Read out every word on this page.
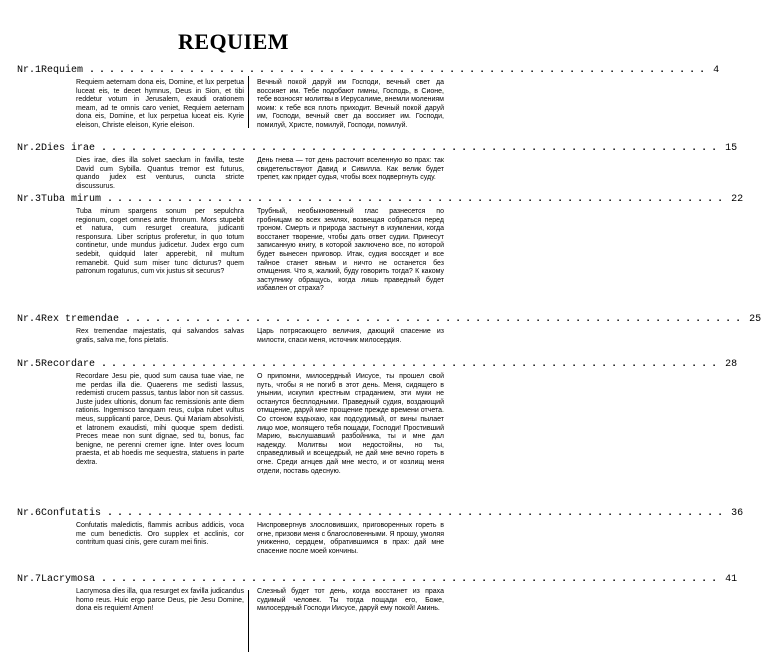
REQUIEM
Nr.1 Requiem .............................................................. 4

Requiem aeternam dona eis, Domine, et lux perpetua luceat eis, te decet hymnus, Deus in Sion, et tibi reddetur votum in Jerusalem, exaudi orationem meam, ad te omnis caro veniet, Requiem aeternam dona eis, Domine, et lux perpetua luceat eis. Kyrie eleison, Christe eleison, Kyrie eleison.

Вечный покой даруй им Господи, вечный свет да воссияет им. Тебе подобают гимны, Господь, в Сионе, тебе возносят молитвы в Иерусалиме, внемли молениям моим: к тебе вся плоть приходит. Вечный покой даруй им, Господи, вечный свет да воссияет им. Господи, помилуй, Христе, помилуй, Господи, помилуй.

Nr.2 Dies irae .............................................................. 15

Dies irae, dies illa solvet saeclum in favilla, teste David cum Sybilla. Quantus tremor est futurus, quando judex est venturus, cuncta stricte discussurus.

День гнева — тот день расточит вселенную во прах: так свидетельствуют Давид и Сивилла. Как велик будет трепет, как придет судья, чтобы всех подвергнуть суду.

Nr.3 Tuba mirum .............................................................. 22

Tuba mirum spargens sonum per sepulchra regionum, coget omnes ante thronum. Mors stupebit et natura, cum resurget creatura, judicanti responsura. Liber scriptus proferetur, in quo totum continetur, unde mundus judicetur. Judex ergo cum sedebit, quidquid later apperebit, nil multum remanebit. Quid sum miser tunc dicturus? quem patronum rogaturus, cum vix justus sit securus?

Трубный, необыкновенный глас разнесется по гробницам во всех землях, возвещая собраться перед троном. Смерть и природа застынут в изумлении, когда восстанет творение, чтобы дать ответ судии. Принесут записанную книгу, в которой заключено все, по которой будет вынесен приговор. Итак, судия воссядет и все тайное станет явным и ничто не останется без отмщения. Что я, жалкий, буду говорить тогда? К какому заступнику обращусь, когда лишь праведный будет избавлен от страха?

Nr.4 Rex tremendae .............................................................. 25

Rex tremendae majestatis, qui salvandos salvas gratis, salva me, fons pietatis.

Царь потрясающего величия, дающий спасение из милости, спаси меня, источник милосердия.

Nr.5 Recordare .............................................................. 28

Recordare Jesu pie, quod sum causa tuae viae, ne me perdas illa die. Quaerens me sedisti lassus, redemisti crucem passus, tantus labor non sit cassus. Juste judex ultionis, donum fac remissionis ante diem rationis. Ingemisco tanquam reus, culpa rubet vultus meus, supplicanti parce, Deus. Qui Mariam absolvisti, et latronem exaudisti, mihi quoque spem dedisti. Preces meae non sunt dignae, sed tu, bonus, fac benigne, ne perenni cremer igne. Inter oves locum praesta, et ab hoedis me sequestra, statuens in parte dextra.

О припомни, милосердный Иисусе, ты прошел свой путь, чтобы я не погиб в этот день. Меня, сидящего в унынии, искупил крестным страданием, эти муки не останутся бесплодными. Праведный судия, воздающий отмщение, даруй мне прощение прежде времени отчета. Со стоном вздыхаю, как подсудимый, от вины пылает лицо мое, молящего тебя пощади, Господи! Простивший Марию, выслушавший разбойника, ты и мне дал надежду. Молитвы мои недостойны, но ты, справедливый и всещедрый, не дай мне вечно гореть в огне. Среди агнцев дай мне место, и от козлищ меня отдели, поставь одесную.

Nr.6 Confutatis .............................................................. 36

Confutatis maledictis, flammis acribus addicis, voca me cum benedictis. Oro supplex et acclinis, cor contritum quasi cinis, gere curam mei finis.

Ниспровергнув злословивших, приговоренных гореть в огне, призови меня с благословенными. Я прошу, умоляя униженно, сердцем, обратившимся в прах: дай мне спасение после моей кончины.

Nr.7 Lacrymosa .............................................................. 41

Lacrymosa dies illa, qua resurget ex favilla judicandus homo reus. Huic ergo parce Deus, pie Jesu Domine, dona eis requiem! Amen!

Слезный будет тот день, когда восстанет из праха судимый человек. Ты тогда пощади его, Боже, милосердный Господи Иисусе, даруй ему покой! Аминь.
